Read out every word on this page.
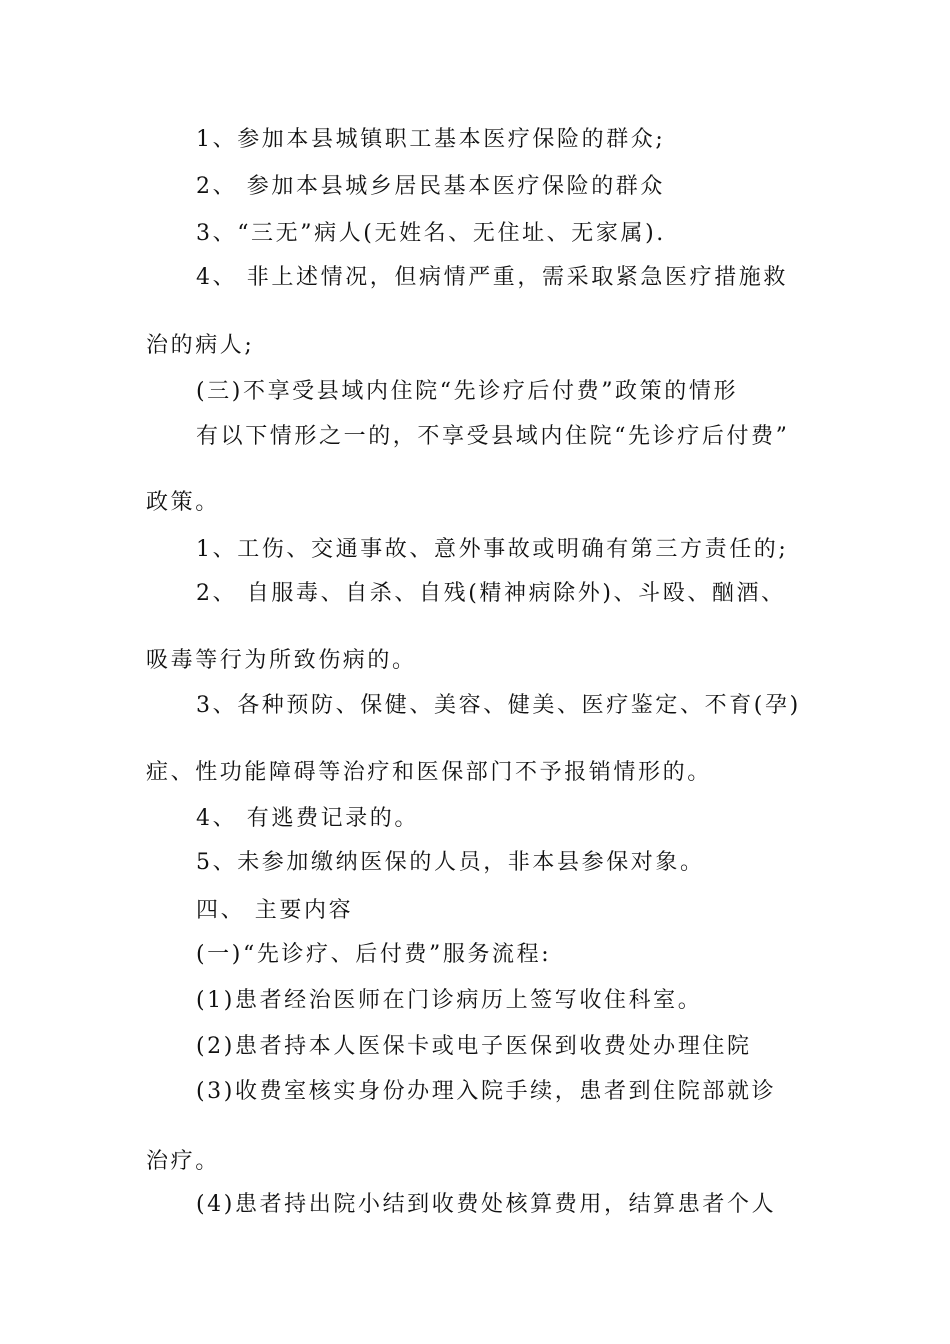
1、参加本县城镇职工基本医疗保险的群众;
2、 参加本县城乡居民基本医疗保险的群众
3、“三无”病人(无姓名、无住址、无家属).
4、 非上述情况，但病情严重，需采取紧急医疗措施救
治的病人;
(三)不享受县域内住院“先诊疗后付费”政策的情形
有以下情形之一的，不享受县域内住院“先诊疗后付费”
政策。
1、工伤、交通事故、意外事故或明确有第三方责任的;
2、 自服毒、自杀、自残(精神病除外)、斗殴、酗酒、
吸毒等行为所致伤病的。
3、各种预防、保健、美容、健美、医疗鉴定、不育(孕)
症、性功能障碍等治疗和医保部门不予报销情形的。
4、 有逃费记录的。
5、未参加缴纳医保的人员，非本县参保对象。
四、 主要内容
(一)“先诊疗、后付费”服务流程:
(1)患者经治医师在门诊病历上签写收住科室。
(2)患者持本人医保卡或电子医保到收费处办理住院
(3)收费室核实身份办理入院手续，患者到住院部就诊
治疗。
(4)患者持出院小结到收费处核算费用，结算患者个人
